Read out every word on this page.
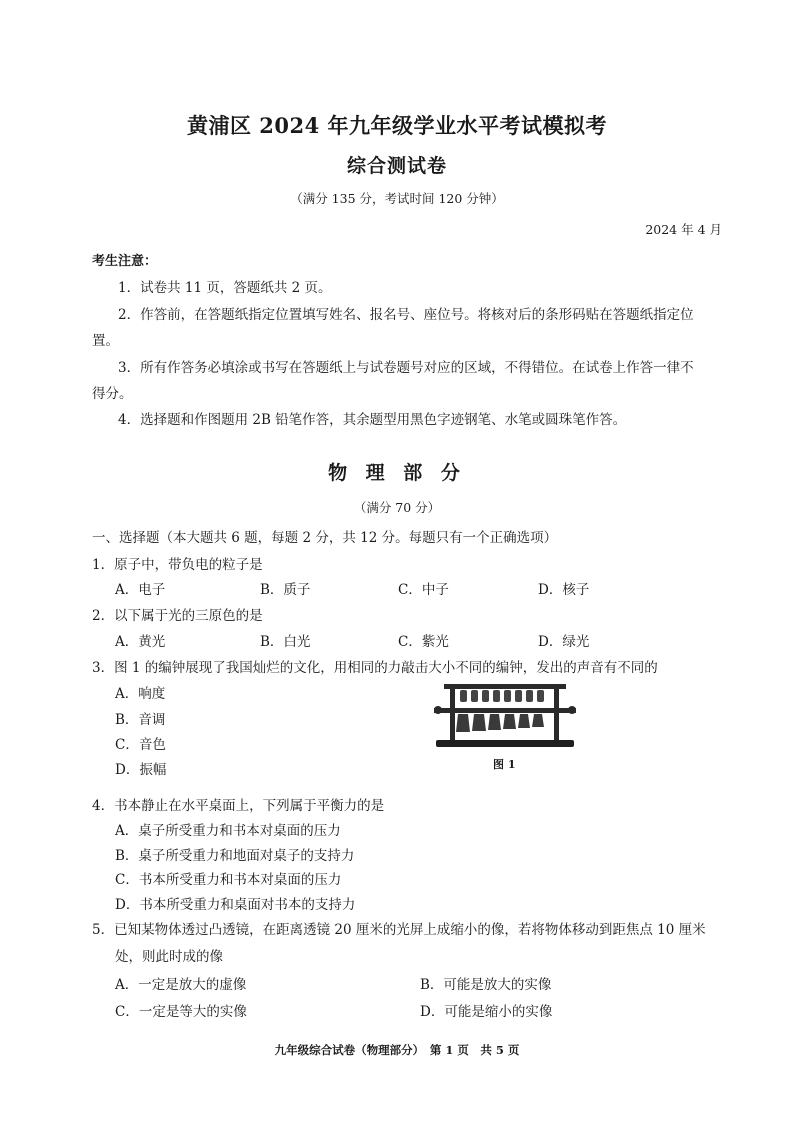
黄浦区 2024 年九年级学业水平考试模拟考
综合测试卷
（满分 135 分，考试时间 120 分钟）
2024 年 4 月
考生注意：
1．试卷共 11 页，答题纸共 2 页。
2．作答前，在答题纸指定位置填写姓名、报名号、座位号。将核对后的条形码贴在答题纸指定位
置。
3．所有作答务必填涂或书写在答题纸上与试卷题号对应的区域，不得错位。在试卷上作答一律不
得分。
4．选择题和作图题用 2B 铅笔作答，其余题型用黑色字迹钢笔、水笔或圆珠笔作答。
物 理 部 分
（满分 70 分）
一、选择题（本大题共 6 题，每题 2 分，共 12 分。每题只有一个正确选项）
1．原子中，带负电的粒子是
A．电子	B．质子	C．中子	D．核子
2．以下属于光的三原色的是
A．黄光	B．白光	C．紫光	D．绿光
3．图 1 的编钟展现了我国灿烂的文化，用相同的力敲击大小不同的编钟，发出的声音有不同的
A．响度
B．音调
C．音色
D．振幅	图 1
4．书本静止在水平桌面上，下列属于平衡力的是
A．桌子所受重力和书本对桌面的压力
B．桌子所受重力和地面对桌子的支持力
C．书本所受重力和书本对桌面的压力
D．书本所受重力和桌面对书本的支持力
5．已知某物体透过凸透镜，在距离透镜 20 厘米的光屏上成缩小的像，若将物体移动到距焦点 10 厘米
处，则此时成的像
A．一定是放大的虚像	B．可能是放大的实像
C．一定是等大的实像	D．可能是缩小的实像
九年级综合试卷（物理部分）　第 1 页　共 5 页
